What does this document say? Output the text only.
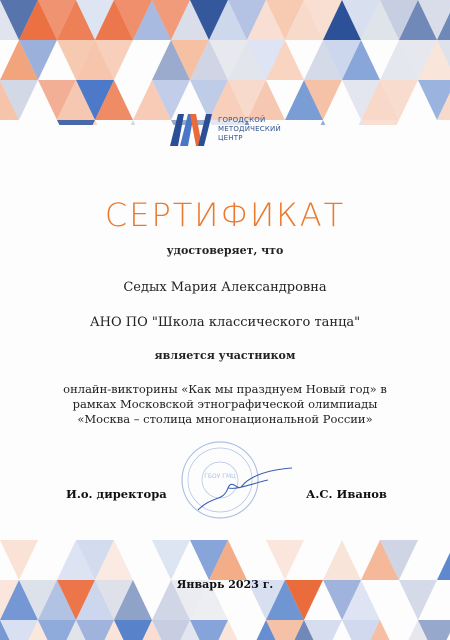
ГОРОДСКОЙ
МЕТОДИЧЕСКИЙ
ЦЕНТР
СЕРТИФИКАТ
удостоверяет, что
Седых Мария Александровна
АНО ПО "Школа классического танца"
является участником
онлайн-викторины «Как мы празднуем Новый год» в
рамках Московской этнографической олимпиады
«Москва – столица многонациональной России»
ГБОУ ГМЦ
И.о. директора	А.С. Иванов
Январь 2023 г.
